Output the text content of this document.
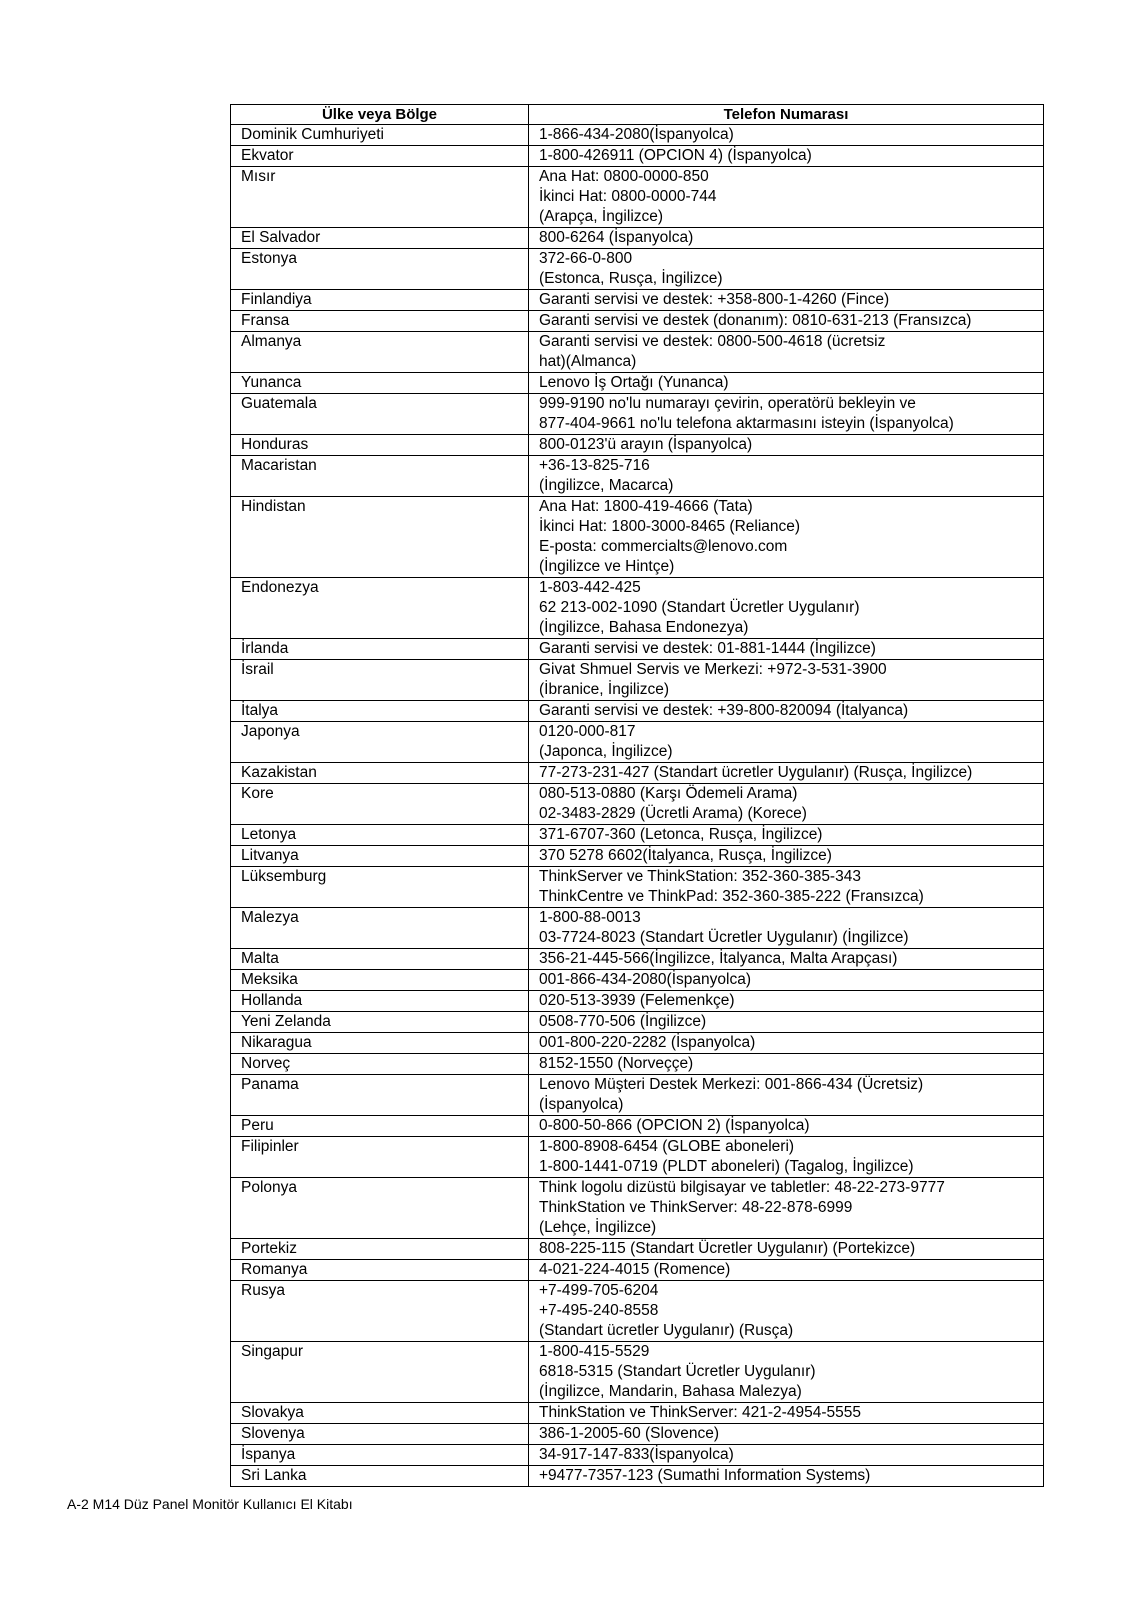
Ülke veya Bölge	Telefon Numarası
Dominik Cumhuriyeti	1-866-434-2080(İspanyolca)

Ekvator	1-800-426911 (OPCION 4) (İspanyolca)

Mısır	Ana Hat: 0800-0000-850
İkinci Hat: 0800-0000-744
(Arapça, İngilizce)

El Salvador	800-6264 (İspanyolca)

Estonya	372-66-0-800
(Estonca, Rusça, İngilizce)

Finlandiya	Garanti servisi ve destek: +358-800-1-4260 (Fince)

Fransa	Garanti servisi ve destek (donanım): 0810-631-213 (Fransızca)

Almanya	Garanti servisi ve destek: 0800-500-4618 (ücretsiz
hat)(Almanca)

Yunanca	Lenovo İş Ortağı (Yunanca)

Guatemala	999-9190 no'lu numarayı çevirin, operatörü bekleyin ve
877-404-9661 no'lu telefona aktarmasını isteyin (İspanyolca)

Honduras	800-0123'ü arayın (İspanyolca)

Macaristan	+36-13-825-716
(İngilizce, Macarca)

Hindistan	Ana Hat: 1800-419-4666 (Tata)
İkinci Hat: 1800-3000-8465 (Reliance)
E-posta: commercialts@lenovo.com
(İngilizce ve Hintçe)

Endonezya	1-803-442-425
62 213-002-1090 (Standart Ücretler Uygulanır)
(İngilizce, Bahasa Endonezya)

İrlanda	Garanti servisi ve destek: 01-881-1444 (İngilizce)

İsrail	Givat Shmuel Servis ve Merkezi: +972-3-531-3900
(İbranice, İngilizce)

İtalya	Garanti servisi ve destek: +39-800-820094 (İtalyanca)

Japonya	0120-000-817
(Japonca, İngilizce)

Kazakistan	77-273-231-427 (Standart ücretler Uygulanır) (Rusça, İngilizce)

Kore	080-513-0880 (Karşı Ödemeli Arama)
02-3483-2829 (Ücretli Arama) (Korece)

Letonya	371-6707-360 (Letonca, Rusça, İngilizce)

Litvanya	370 5278 6602(İtalyanca, Rusça, İngilizce)

Lüksemburg	ThinkServer ve ThinkStation: 352-360-385-343
ThinkCentre ve ThinkPad: 352-360-385-222 (Fransızca)

Malezya	1-800-88-0013
03-7724-8023 (Standart Ücretler Uygulanır) (İngilizce)

Malta	356-21-445-566(İngilizce, İtalyanca, Malta Arapçası)

Meksika	001-866-434-2080(İspanyolca)

Hollanda	020-513-3939 (Felemenkçe)

Yeni Zelanda	0508-770-506 (İngilizce)

Nikaragua	001-800-220-2282 (İspanyolca)

Norveç	8152-1550 (Norveççe)

Panama	Lenovo Müşteri Destek Merkezi: 001-866-434 (Ücretsiz)
(İspanyolca)

Peru	0-800-50-866 (OPCION 2) (İspanyolca)

Filipinler	1-800-8908-6454 (GLOBE aboneleri)
1-800-1441-0719 (PLDT aboneleri) (Tagalog, İngilizce)

Polonya	Think logolu dizüstü bilgisayar ve tabletler: 48-22-273-9777
ThinkStation ve ThinkServer: 48-22-878-6999
(Lehçe, İngilizce)

Portekiz	808-225-115 (Standart Ücretler Uygulanır) (Portekizce)

Romanya	4-021-224-4015 (Romence)

Rusya	+7-499-705-6204
+7-495-240-8558
(Standart ücretler Uygulanır) (Rusça)

Singapur	1-800-415-5529
6818-5315 (Standart Ücretler Uygulanır)
(İngilizce, Mandarin, Bahasa Malezya)

Slovakya	ThinkStation ve ThinkServer: 421-2-4954-5555

Slovenya	386-1-2005-60 (Slovence)

İspanya	34-917-147-833(İspanyolca)

Sri Lanka	+9477-7357-123 (Sumathi Information Systems)
A-2 M14 Düz Panel Monitör Kullanıcı El Kitabı
